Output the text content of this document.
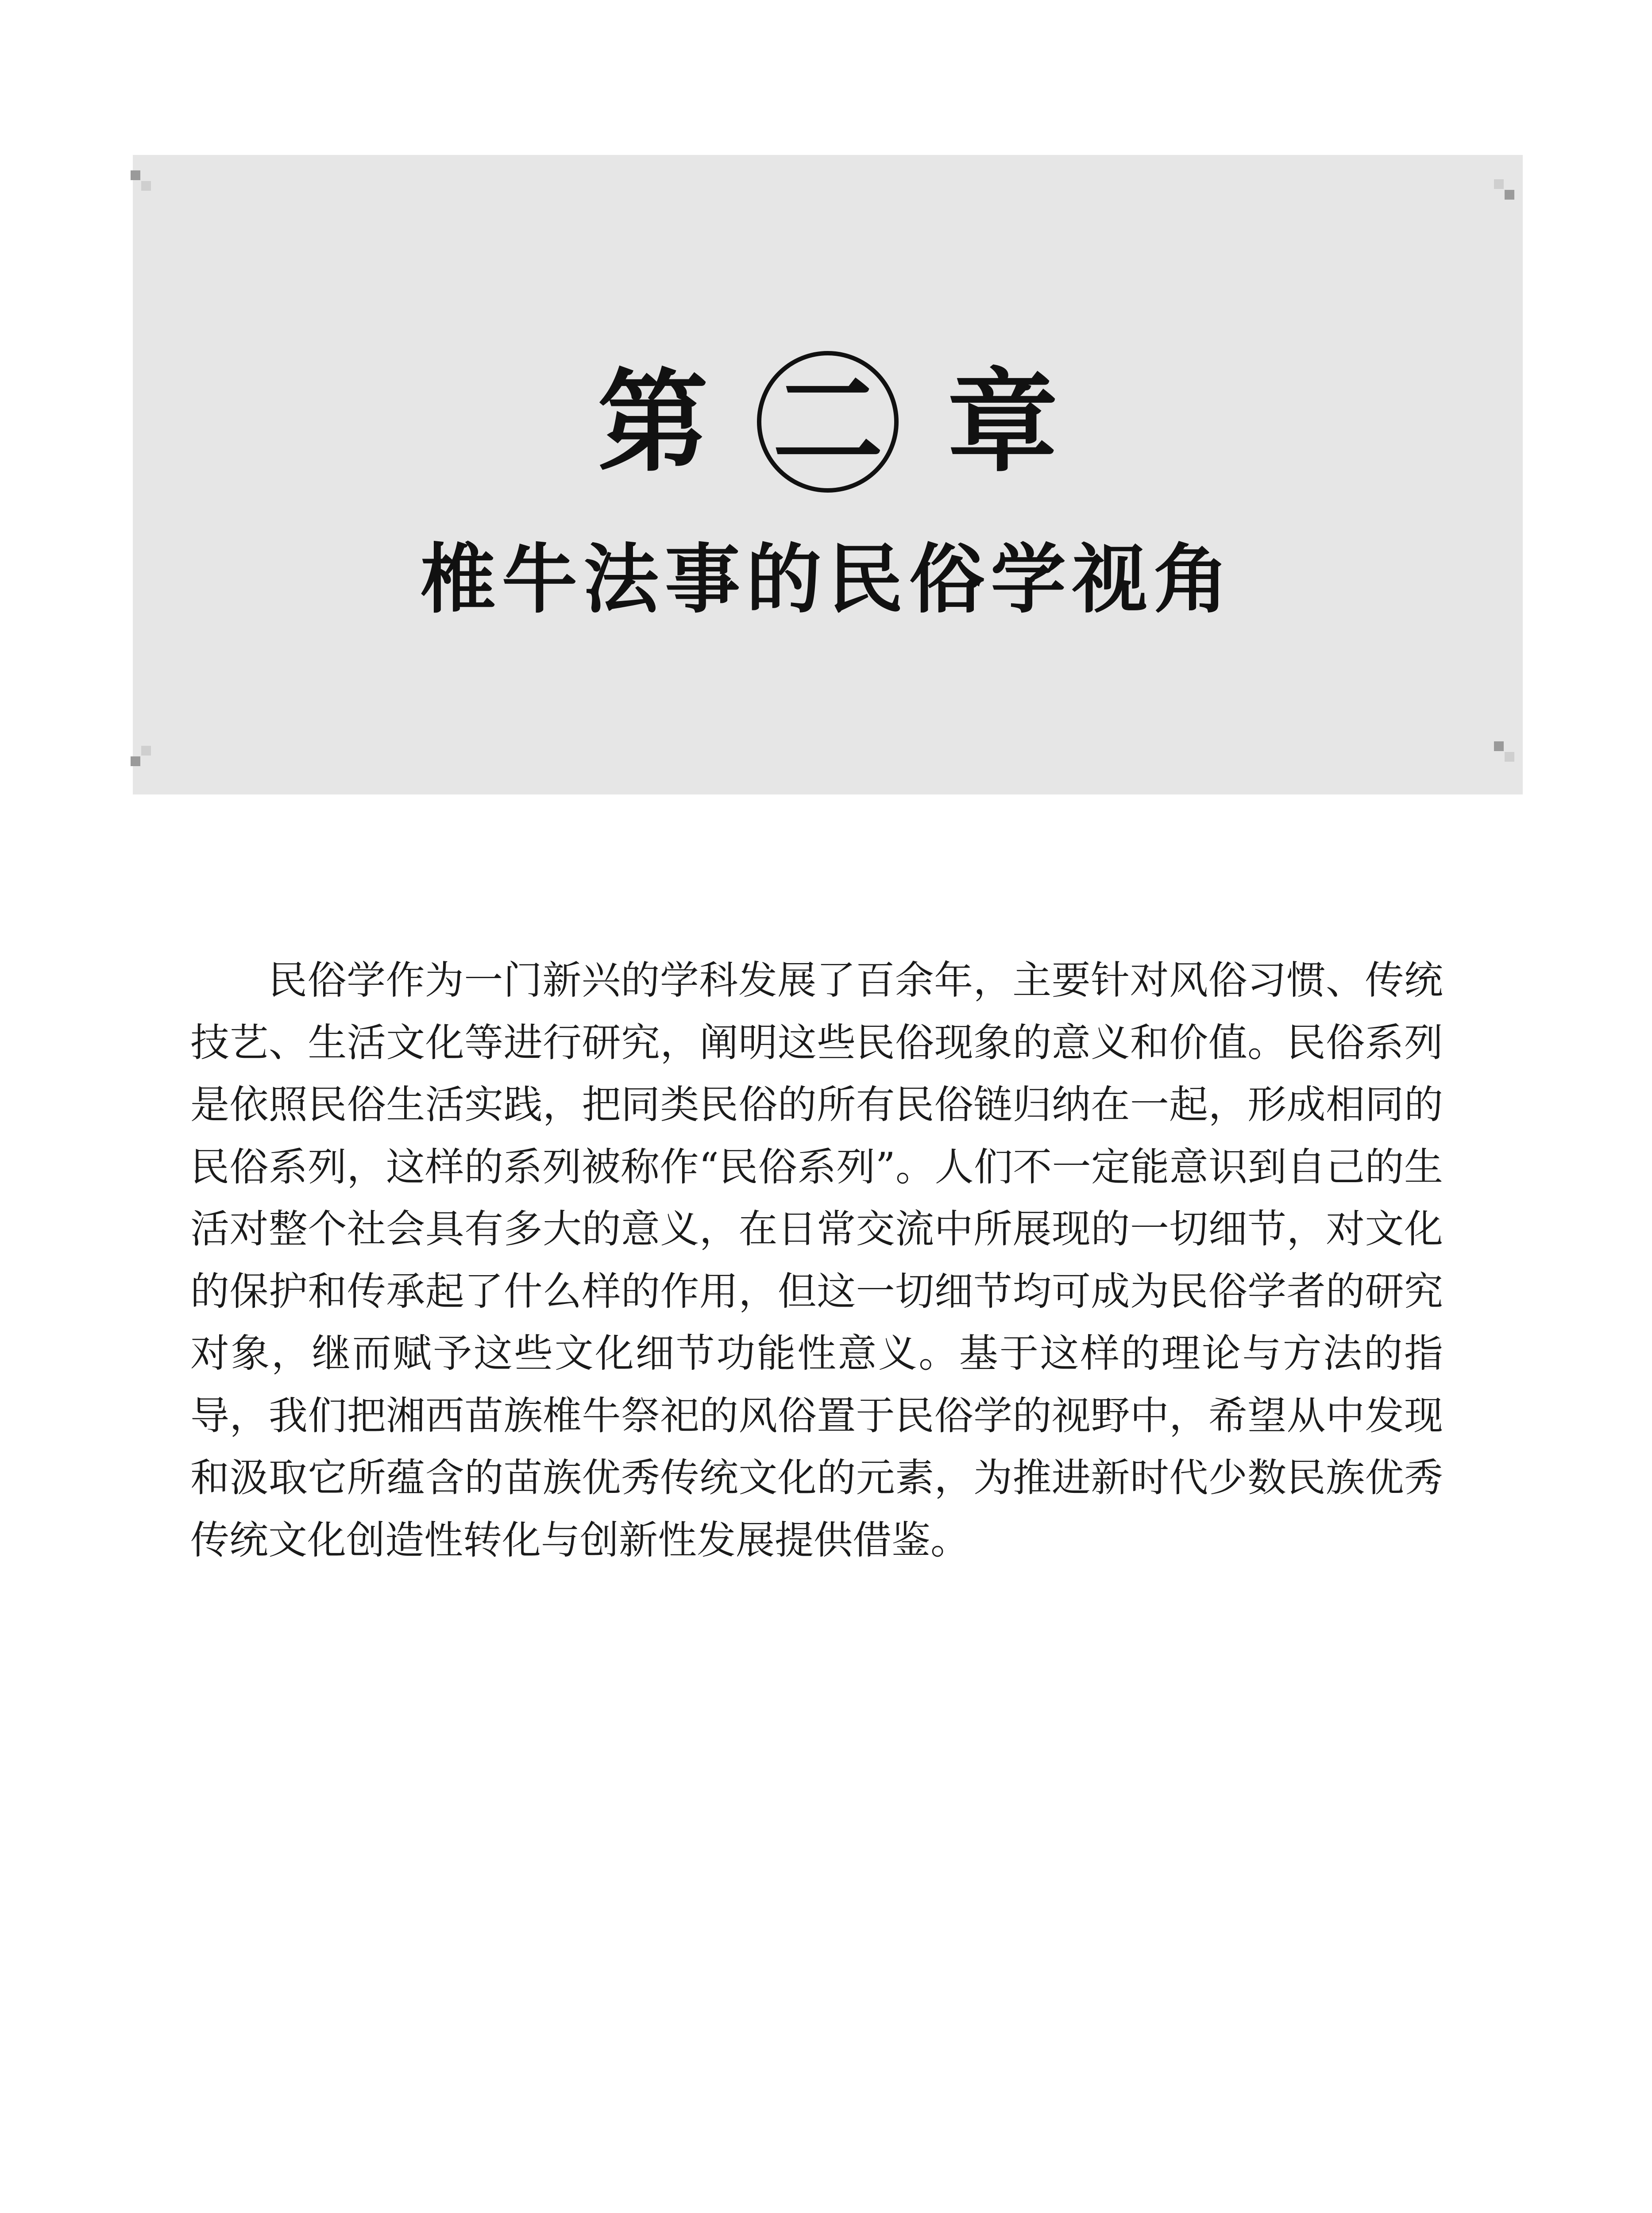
第 二 章
椎牛法事的民俗学视角

民俗学作为一门新兴的学科发展了百余年，主要针对风俗习惯、传统技艺、生活文化等进行研究，阐明这些民俗现象的意义和价值。民俗系列是依照民俗生活实践，把同类民俗的所有民俗链归纳在一起，形成相同的民俗系列，这样的系列被称作“民俗系列”。人们不一定能意识到自己的生活对整个社会具有多大的意义，在日常交流中所展现的一切细节，对文化的保护和传承起了什么样的作用，但这一切细节均可成为民俗学者的研究对象，继而赋予这些文化细节功能性意义。基于这样的理论与方法的指导，我们把湘西苗族椎牛祭祀的风俗置于民俗学的视野中，希望从中发现和汲取它所蕴含的苗族优秀传统文化的元素，为推进新时代少数民族优秀传统文化创造性转化与创新性发展提供借鉴。
